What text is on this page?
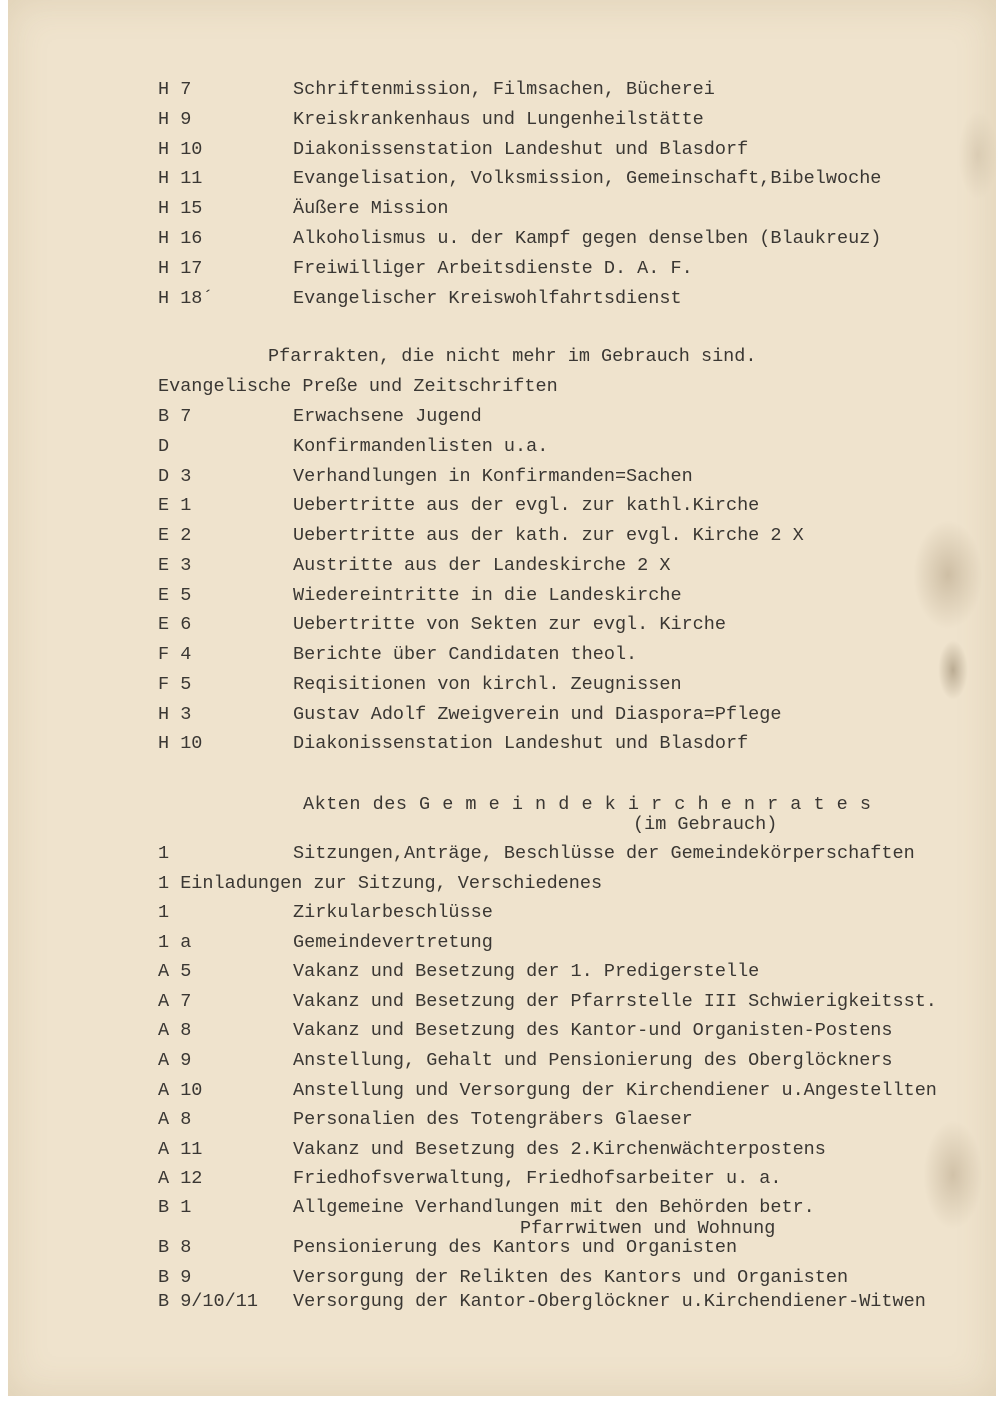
H 7	Schriftenmission, Filmsachen, Bücherei
H 9	Kreiskrankenhaus und Lungenheilstätte
H 10	Diakonissenstation Landeshut und Blasdorf
H 11	Evangelisation, Volksmission, Gemeinschaft,Bibelwoche
H 15	Äußere Mission
H 16	Alkoholismus u. der Kampf gegen denselben (Blaukreuz)
H 17	Freiwilliger Arbeitsdienste D. A. F.
H 18´	Evangelischer Kreiswohlfahrtsdienst
Pfarrakten, die nicht mehr im Gebrauch sind.
Evangelische Preße und Zeitschriften
B 7	Erwachsene Jugend
D	Konfirmandenlisten u.a.
D 3	Verhandlungen in Konfirmanden=Sachen
E 1	Uebertritte aus der evgl. zur kathl.Kirche
E 2	Uebertritte aus der kath. zur evgl. Kirche 2 X
E 3	Austritte aus der Landeskirche 2 X
E 5	Wiedereintritte in die Landeskirche
E 6	Uebertritte von Sekten zur evgl. Kirche
F 4	Berichte über Candidaten theol.
F 5	Reqisitionen von kirchl. Zeugnissen
H 3	Gustav Adolf Zweigverein und Diaspora=Pflege
H 10	Diakonissenstation Landeshut und Blasdorf
Akten des G e m e i n d e k i r c h e n r a t e s
(im Gebrauch)
1	Sitzungen,Anträge, Beschlüsse der Gemeindekörperschaften
1 Einladungen zur Sitzung, Verschiedenes
1	Zirkularbeschlüsse
1 a	Gemeindevertretung
A 5	Vakanz und Besetzung der 1. Predigerstelle
A 7	Vakanz und Besetzung der Pfarrstelle III Schwierigkeitsst.
A 8	Vakanz und Besetzung des Kantor-und Organisten-Postens
A 9	Anstellung, Gehalt und Pensionierung des Oberglöckners
A 10	Anstellung und Versorgung der Kirchendiener u.Angestellten
A 8	Personalien des Totengräbers Glaeser
A 11	Vakanz und Besetzung des 2.Kirchenwächterpostens
A 12	Friedhofsverwaltung, Friedhofsarbeiter u. a.
B 1	Allgemeine Verhandlungen mit den Behörden betr.
Pfarrwitwen und Wohnung
B 8	Pensionierung des Kantors und Organisten
B 9	Versorgung der Relikten des Kantors und Organisten
B 9/10/11 Versorgung der Kantor-Oberglöckner u.Kirchendiener-Witwen
